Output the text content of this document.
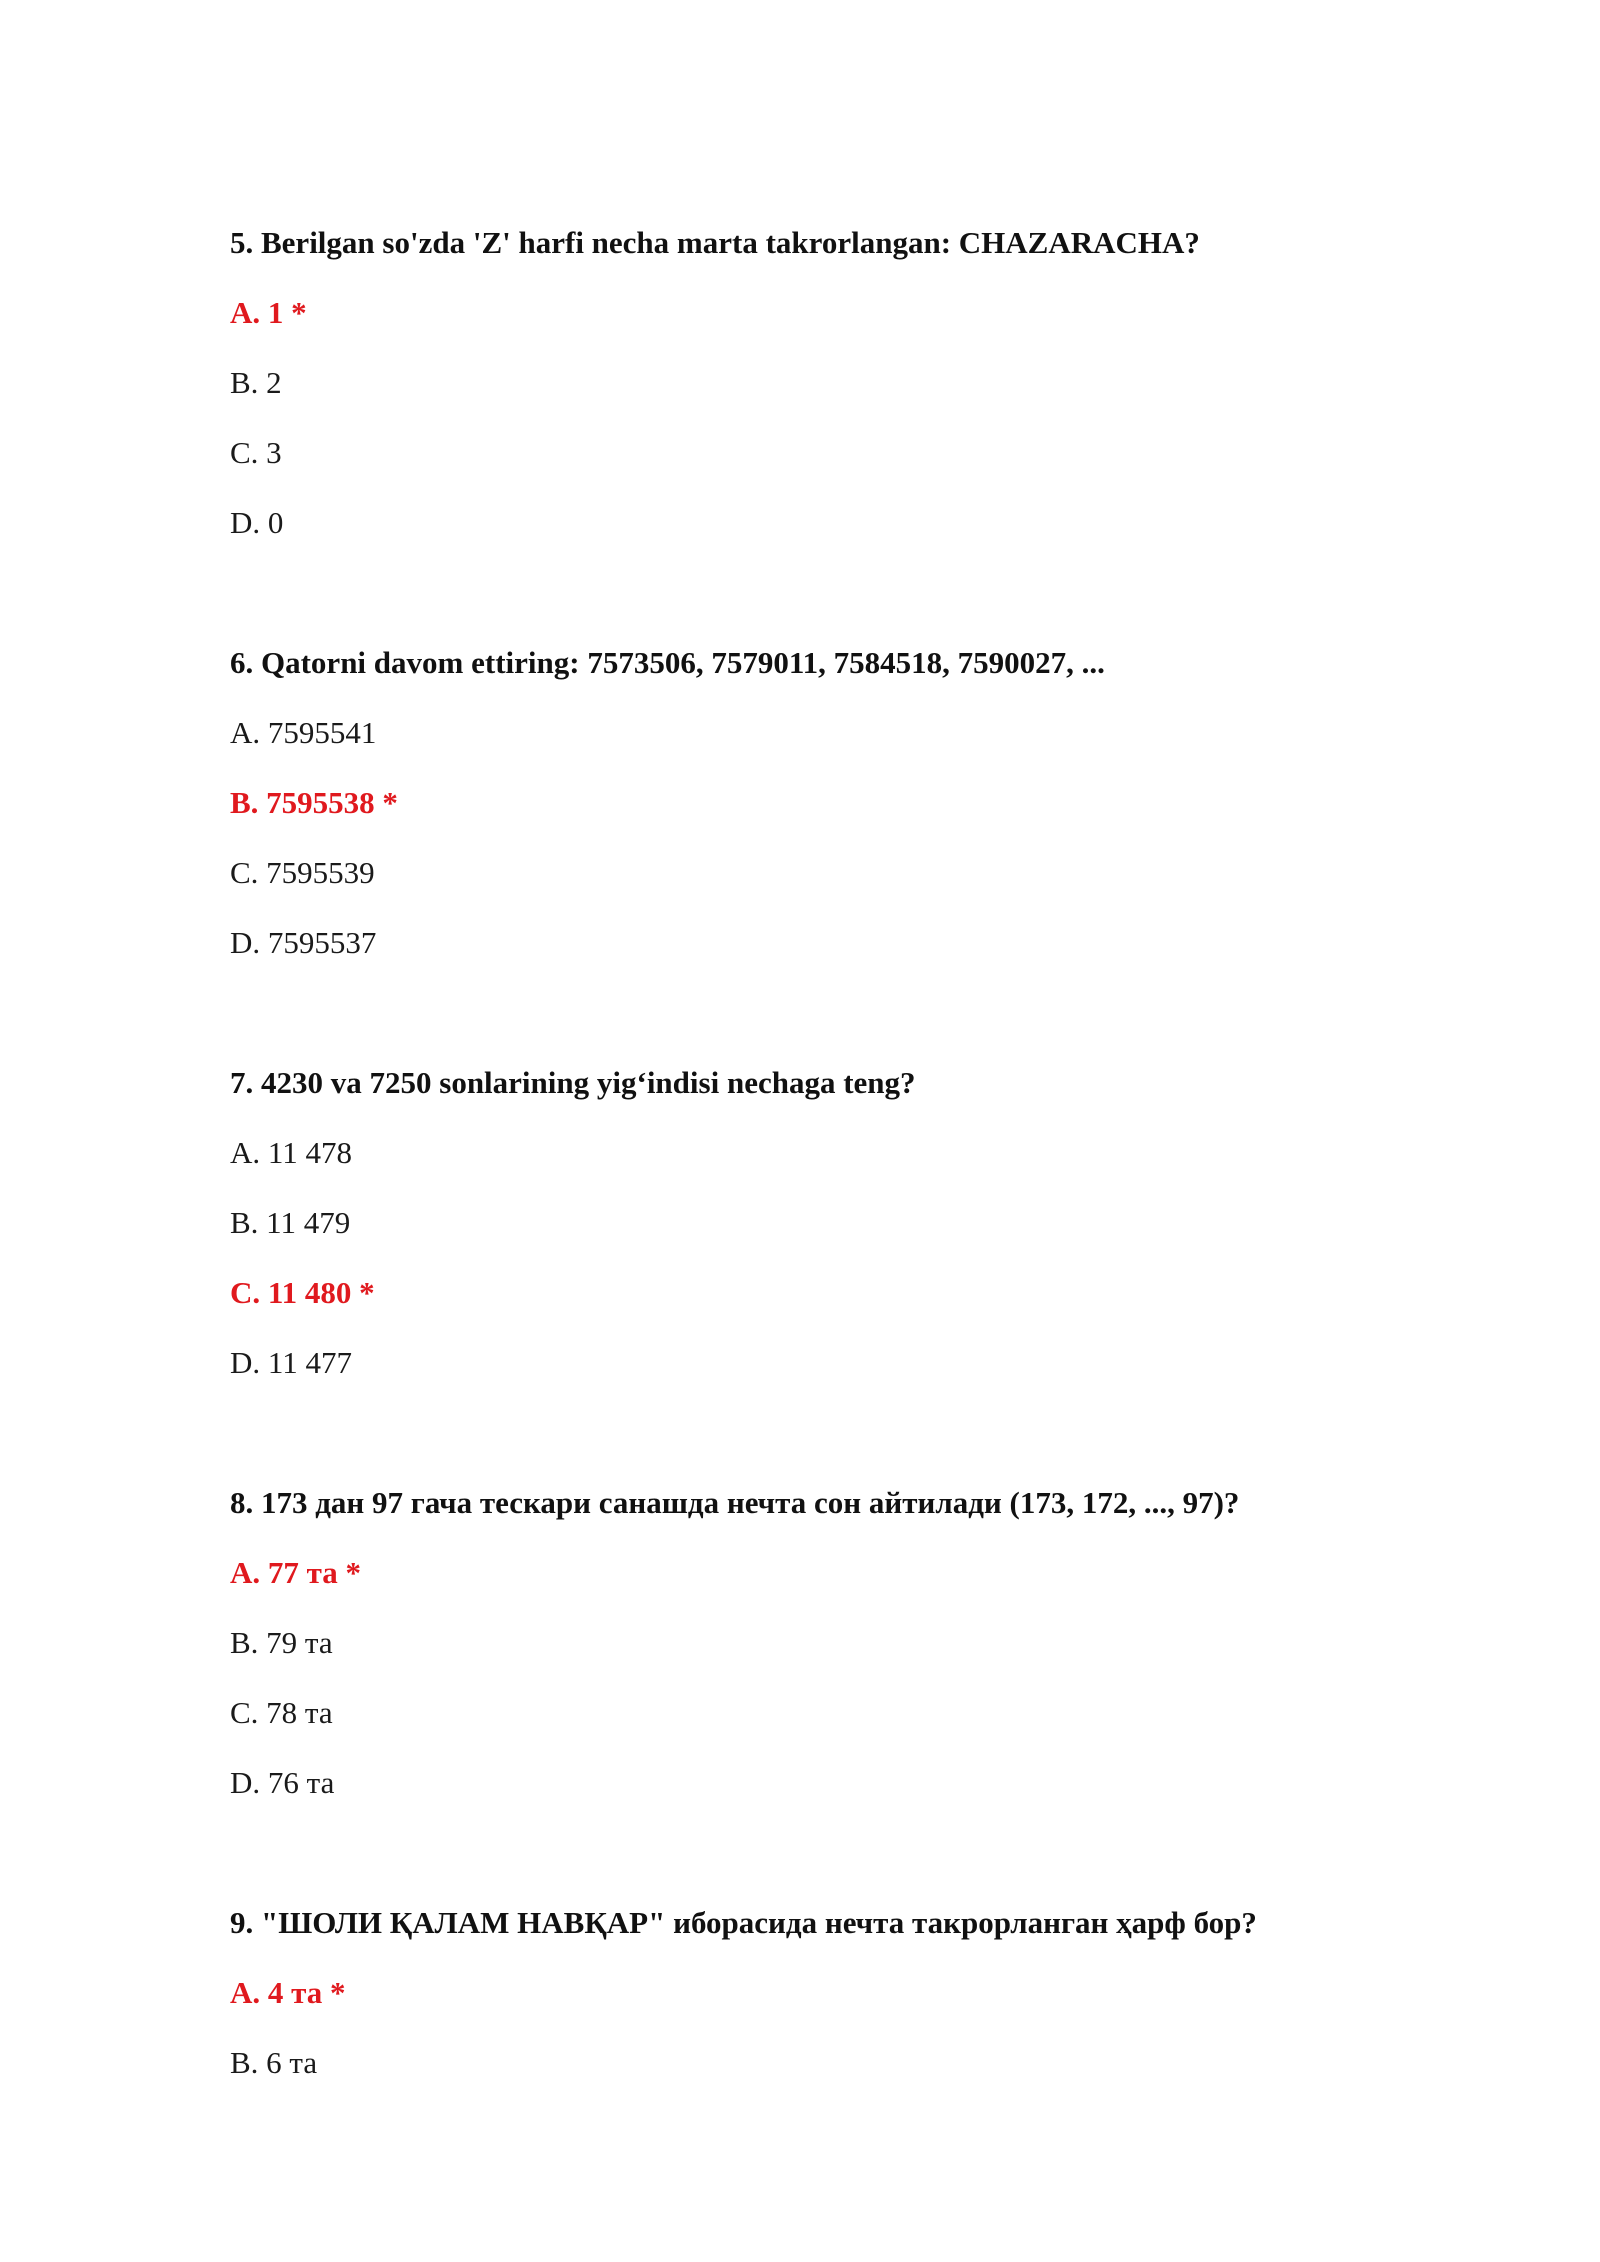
5. Berilgan so'zda 'Z' harfi necha marta takrorlangan: CHAZARACHA?
A. 1 *
B. 2
C. 3
D. 0
6. Qatorni davom ettiring: 7573506, 7579011, 7584518, 7590027, ...
A. 7595541
B. 7595538 *
C. 7595539
D. 7595537
7. 4230 va 7250 sonlarining yig‘indisi nechaga teng?
A. 11 478
B. 11 479
C. 11 480 *
D. 11 477
8. 173 дан 97 гача тескари санашда нечта сон айтилади (173, 172, ..., 97)?
A. 77 та *
B. 79 та
C. 78 та
D. 76 та
9. "ШОЛИ ҚАЛАМ НАВҚАР" иборасида нечта такрорланган ҳарф бор?
A. 4 та *
B. 6 та
